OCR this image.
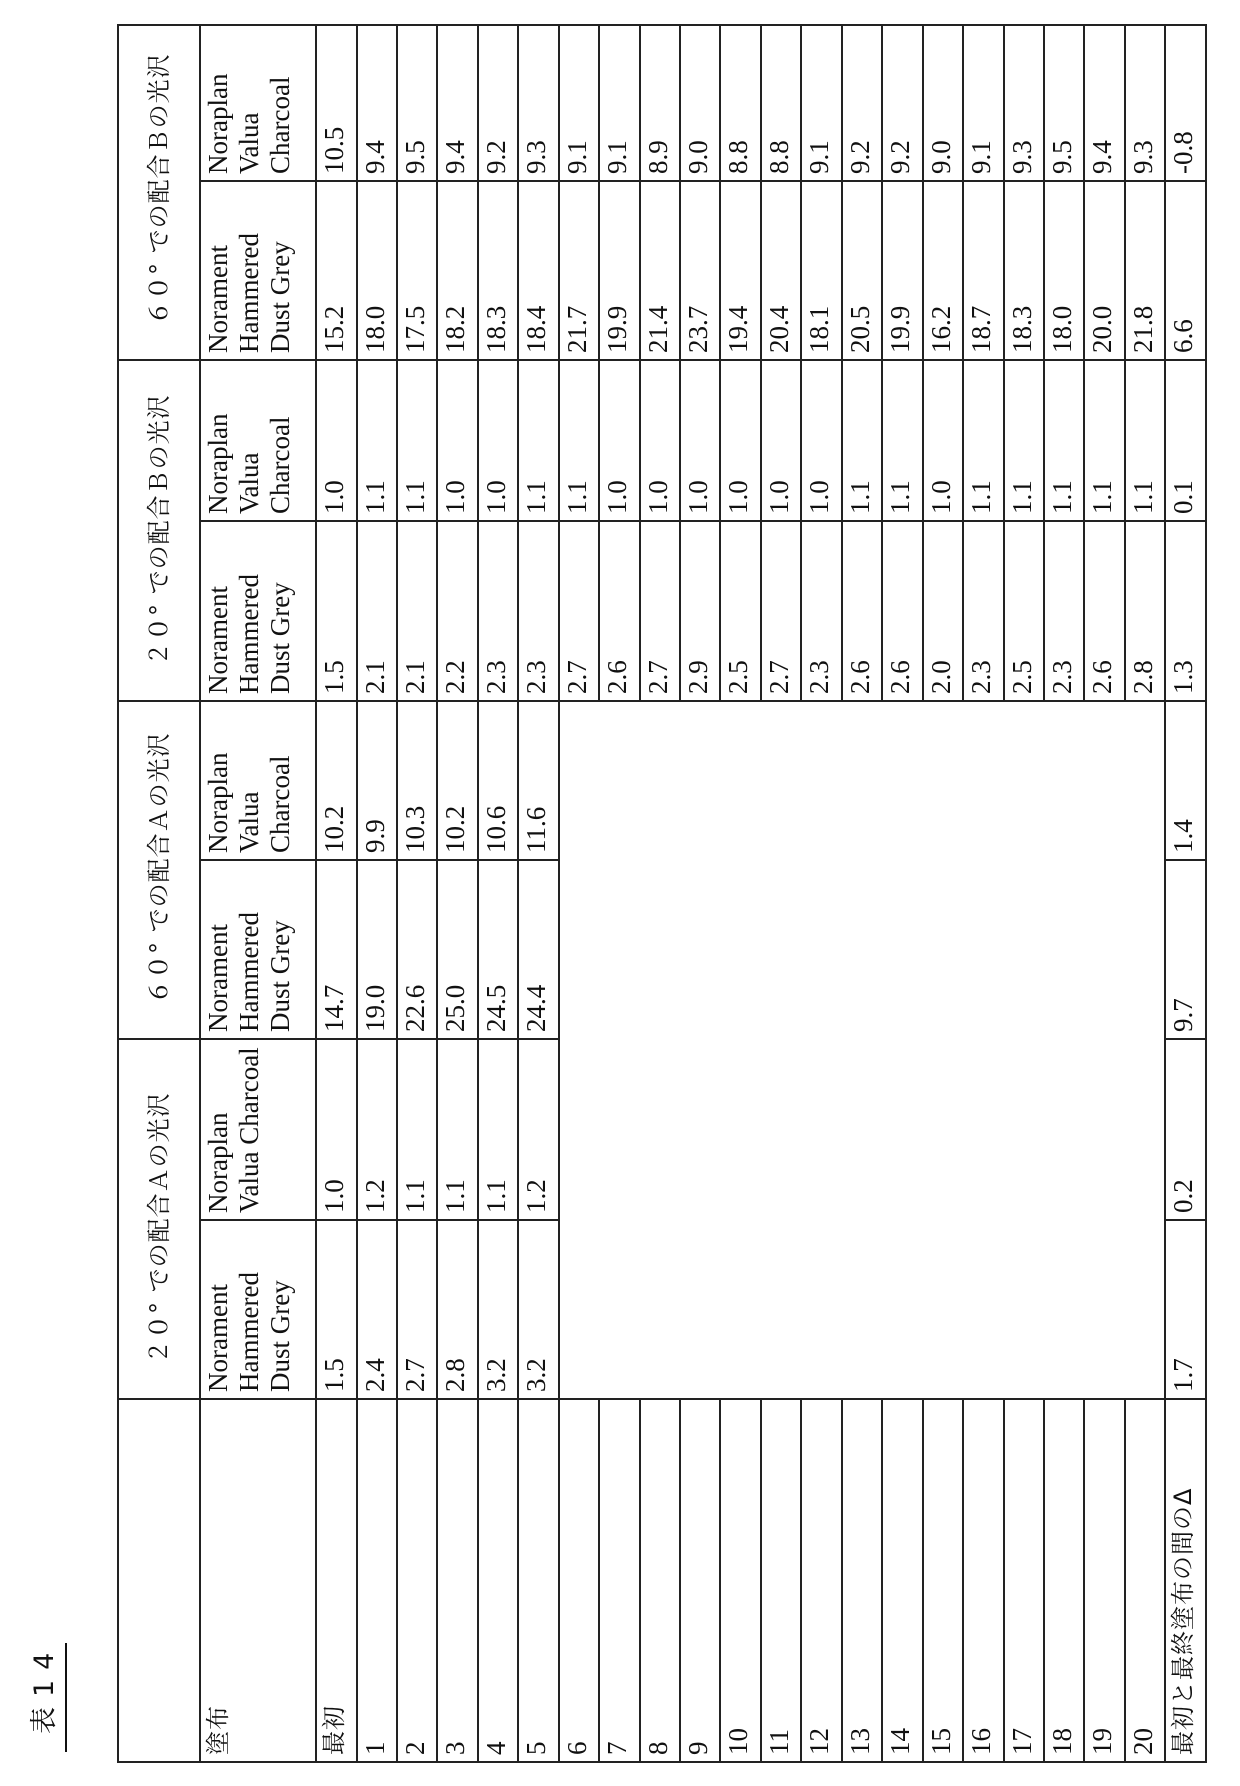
表14
	２０° での配合Ａの光沢	６０° での配合Ａの光沢	２０° での配合Ｂの光沢	６０° での配合Ｂの光沢
塗布	Norament Hammered Dust Grey	Noraplan Valua Charcoal	Norament Hammered Dust Grey	Noraplan Valua Charcoal	Norament Hammered Dust Grey	Noraplan Valua Charcoal	Norament Hammered Dust Grey	Noraplan Valua Charcoal
最初	1.5	1.0	14.7	10.2	1.5	1.0	15.2	10.5
1	2.4	1.2	19.0	9.9	2.1	1.1	18.0	9.4
2	2.7	1.1	22.6	10.3	2.1	1.1	17.5	9.5
3	2.8	1.1	25.0	10.2	2.2	1.0	18.2	9.4
4	3.2	1.1	24.5	10.6	2.3	1.0	18.3	9.2
5	3.2	1.2	24.4	11.6	2.3	1.1	18.4	9.3
6		2.7	1.1	21.7	9.1
7	2.6	1.0	19.9	9.1
8	2.7	1.0	21.4	8.9
9	2.9	1.0	23.7	9.0
10	2.5	1.0	19.4	8.8
11	2.7	1.0	20.4	8.8
12	2.3	1.0	18.1	9.1
13	2.6	1.1	20.5	9.2
14	2.6	1.1	19.9	9.2
15	2.0	1.0	16.2	9.0
16	2.3	1.1	18.7	9.1
17	2.5	1.1	18.3	9.3
18	2.3	1.1	18.0	9.5
19	2.6	1.1	20.0	9.4
20	2.8	1.1	21.8	9.3
最初と最終塗布の間のΔ	1.7	0.2	9.7	1.4	1.3	0.1	6.6	-0.8
